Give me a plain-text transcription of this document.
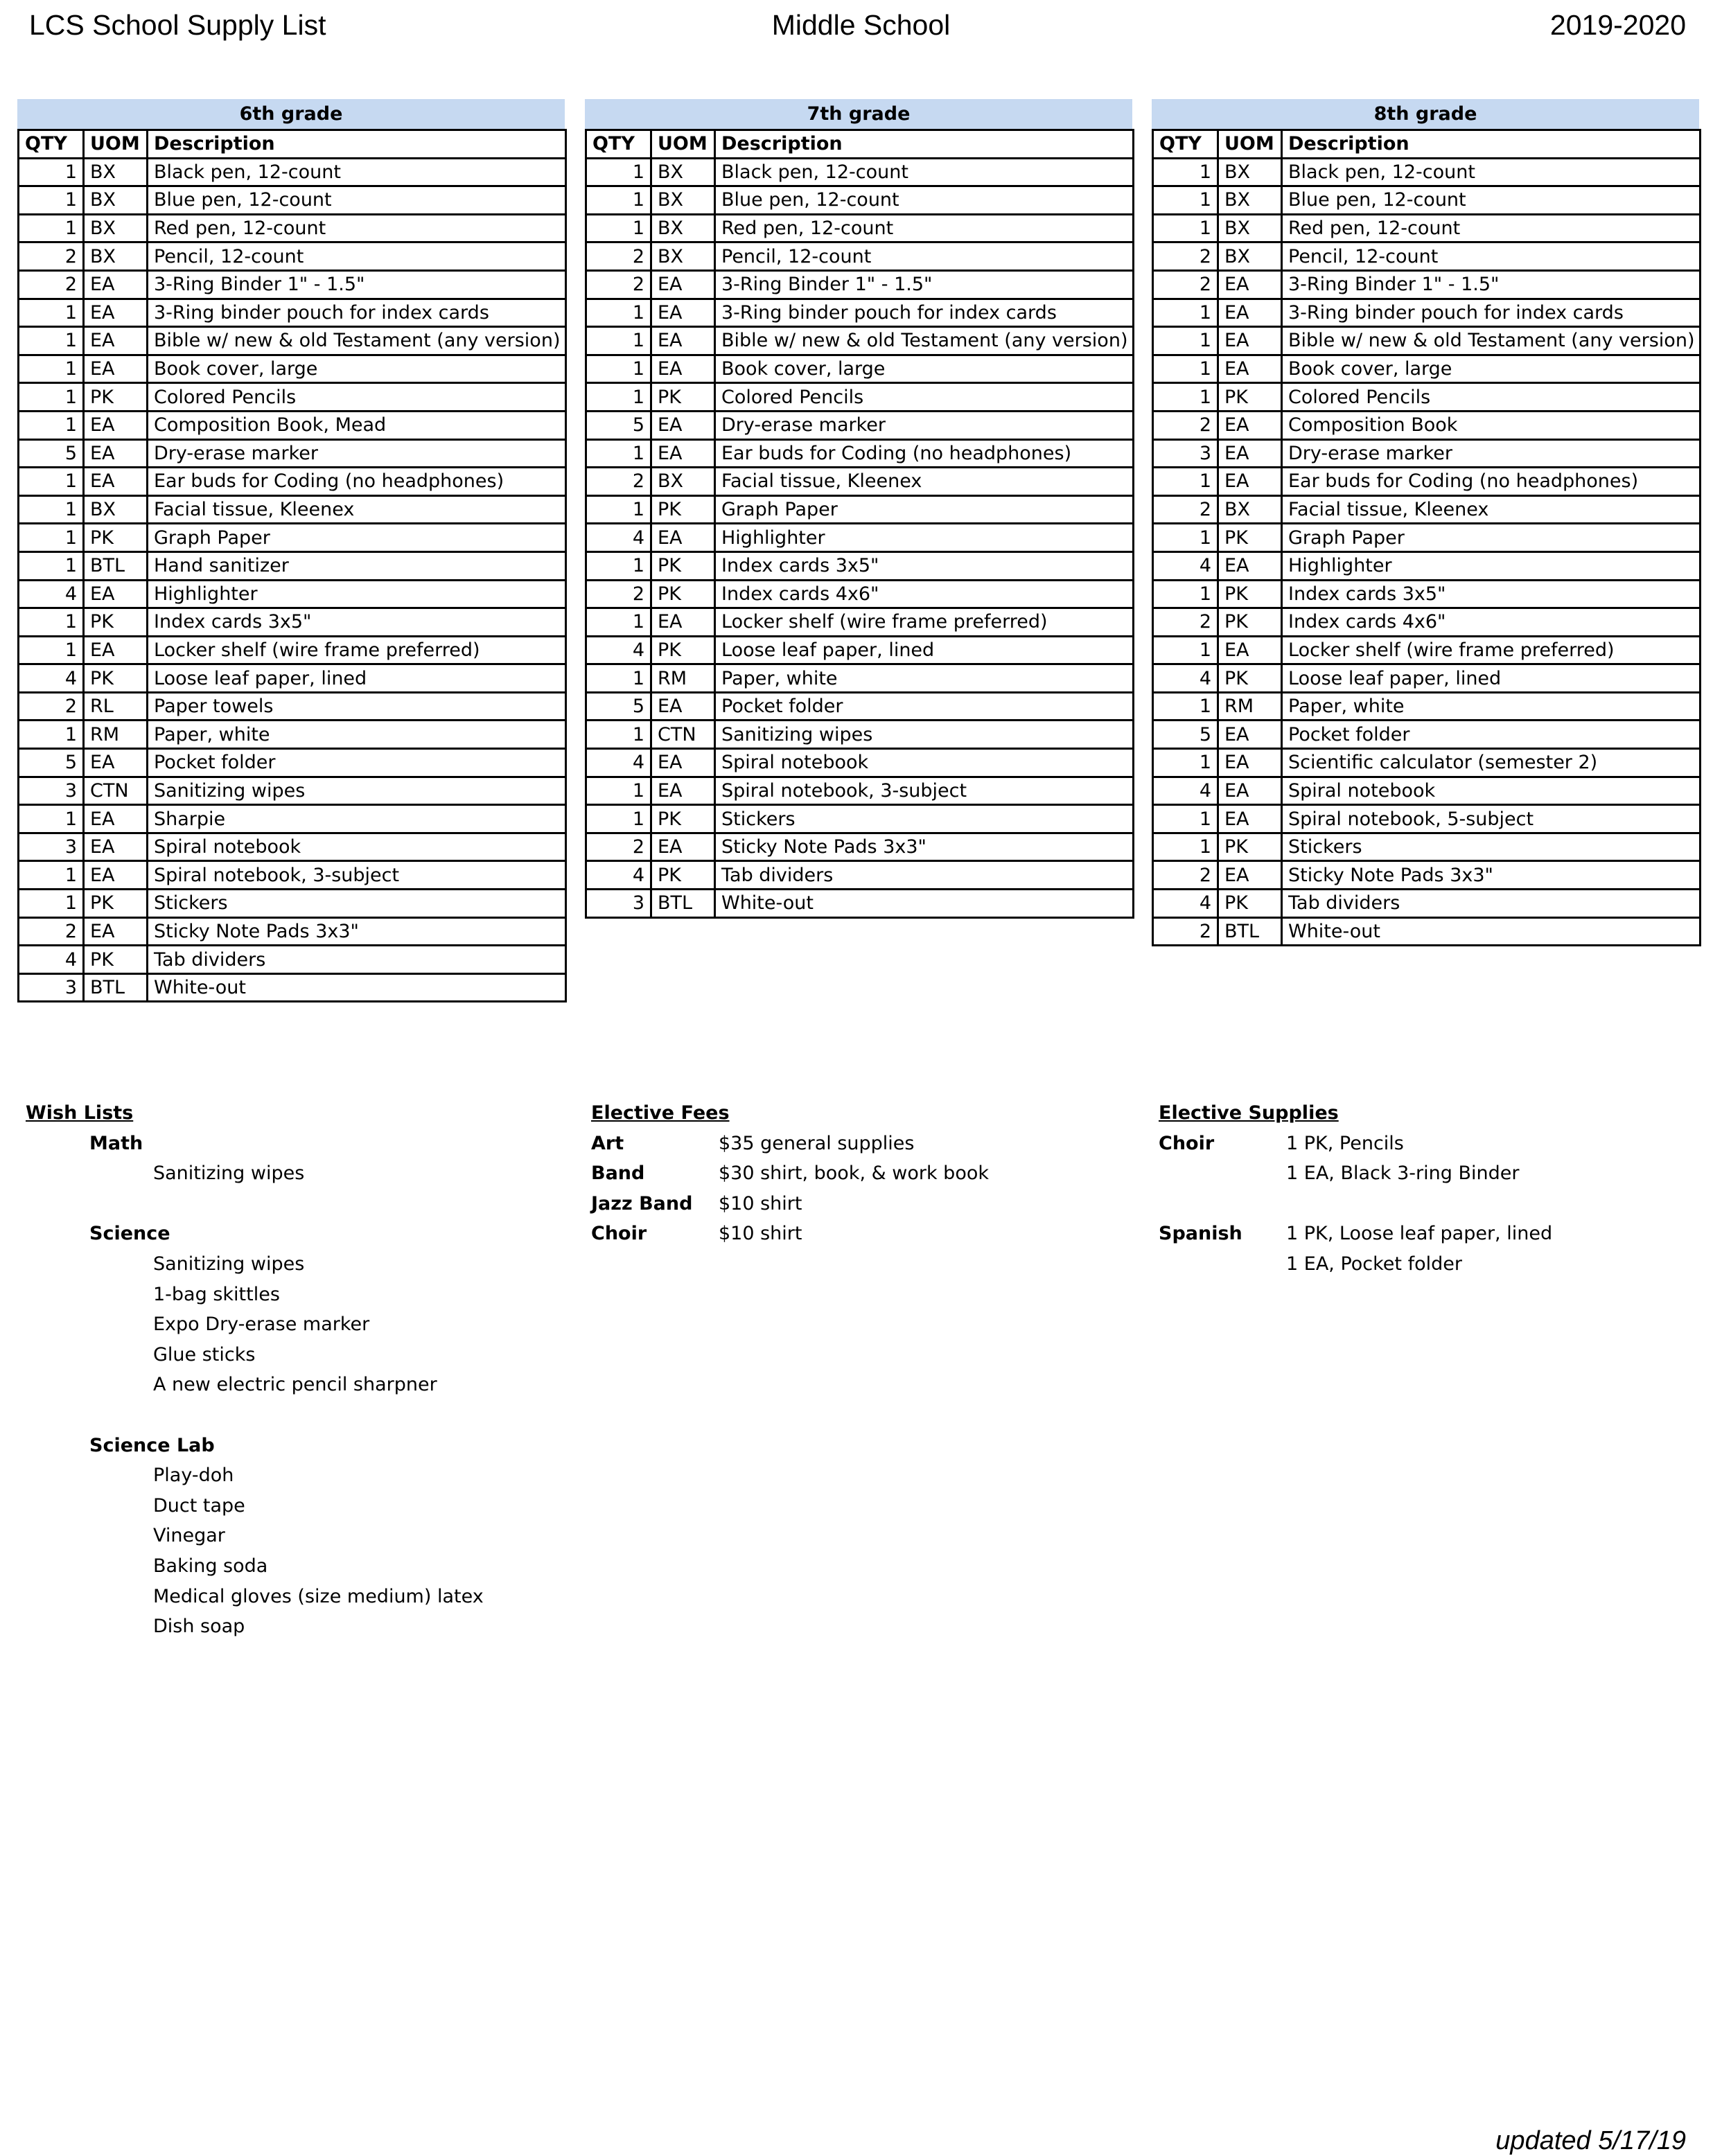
LCS School Supply List	Middle School	2019-2020
6th grade
QTY	UOM	Description
1	BX	Black pen, 12-count
1	BX	Blue pen, 12-count
1	BX	Red pen, 12-count
2	BX	Pencil, 12-count
2	EA	3-Ring Binder 1" - 1.5"
1	EA	3-Ring binder pouch for index cards
1	EA	Bible w/ new & old Testament (any version)
1	EA	Book cover, large
1	PK	Colored Pencils
1	EA	Composition Book, Mead
5	EA	Dry-erase marker
1	EA	Ear buds for Coding (no headphones)
1	BX	Facial tissue, Kleenex
1	PK	Graph Paper
1	BTL	Hand sanitizer
4	EA	Highlighter
1	PK	Index cards 3x5"
1	EA	Locker shelf (wire frame preferred)
4	PK	Loose leaf paper, lined
2	RL	Paper towels
1	RM	Paper, white
5	EA	Pocket folder
3	CTN	Sanitizing wipes
1	EA	Sharpie
3	EA	Spiral notebook
1	EA	Spiral notebook, 3-subject
1	PK	Stickers
2	EA	Sticky Note Pads 3x3"
4	PK	Tab dividers
3	BTL	White-out
7th grade
QTY	UOM	Description
1	BX	Black pen, 12-count
1	BX	Blue pen, 12-count
1	BX	Red pen, 12-count
2	BX	Pencil, 12-count
2	EA	3-Ring Binder 1" - 1.5"
1	EA	3-Ring binder pouch for index cards
1	EA	Bible w/ new & old Testament (any version)
1	EA	Book cover, large
1	PK	Colored Pencils
5	EA	Dry-erase marker
1	EA	Ear buds for Coding (no headphones)
2	BX	Facial tissue, Kleenex
1	PK	Graph Paper
4	EA	Highlighter
1	PK	Index cards 3x5"
2	PK	Index cards 4x6"
1	EA	Locker shelf (wire frame preferred)
4	PK	Loose leaf paper, lined
1	RM	Paper, white
5	EA	Pocket folder
1	CTN	Sanitizing wipes
4	EA	Spiral notebook
1	EA	Spiral notebook, 3-subject
1	PK	Stickers
2	EA	Sticky Note Pads 3x3"
4	PK	Tab dividers
3	BTL	White-out
8th grade
QTY	UOM	Description
1	BX	Black pen, 12-count
1	BX	Blue pen, 12-count
1	BX	Red pen, 12-count
2	BX	Pencil, 12-count
2	EA	3-Ring Binder 1" - 1.5"
1	EA	3-Ring binder pouch for index cards
1	EA	Bible w/ new & old Testament (any version)
1	EA	Book cover, large
1	PK	Colored Pencils
2	EA	Composition Book
3	EA	Dry-erase marker
1	EA	Ear buds for Coding (no headphones)
2	BX	Facial tissue, Kleenex
1	PK	Graph Paper
4	EA	Highlighter
1	PK	Index cards 3x5"
2	PK	Index cards 4x6"
1	EA	Locker shelf (wire frame preferred)
4	PK	Loose leaf paper, lined
1	RM	Paper, white
5	EA	Pocket folder
1	EA	Scientific calculator (semester 2)
4	EA	Spiral notebook
1	EA	Spiral notebook, 5-subject
1	PK	Stickers
2	EA	Sticky Note Pads 3x3"
4	PK	Tab dividers
2	BTL	White-out
Wish Lists
Math
Sanitizing wipes
Science
Sanitizing wipes
1-bag skittles
Expo Dry-erase marker
Glue sticks
A new electric pencil sharpner
Science Lab
Play-doh
Duct tape
Vinegar
Baking soda
Medical gloves (size medium) latex
Dish soap
Elective Fees
Art	$35 general supplies
Band	$30 shirt, book, & work book
Jazz Band	$10 shirt
Choir	$10 shirt
Elective Supplies
Choir	1 PK, Pencils
1 EA, Black 3-ring Binder
Spanish	1 PK, Loose leaf paper, lined
1 EA, Pocket folder
updated 5/17/19
